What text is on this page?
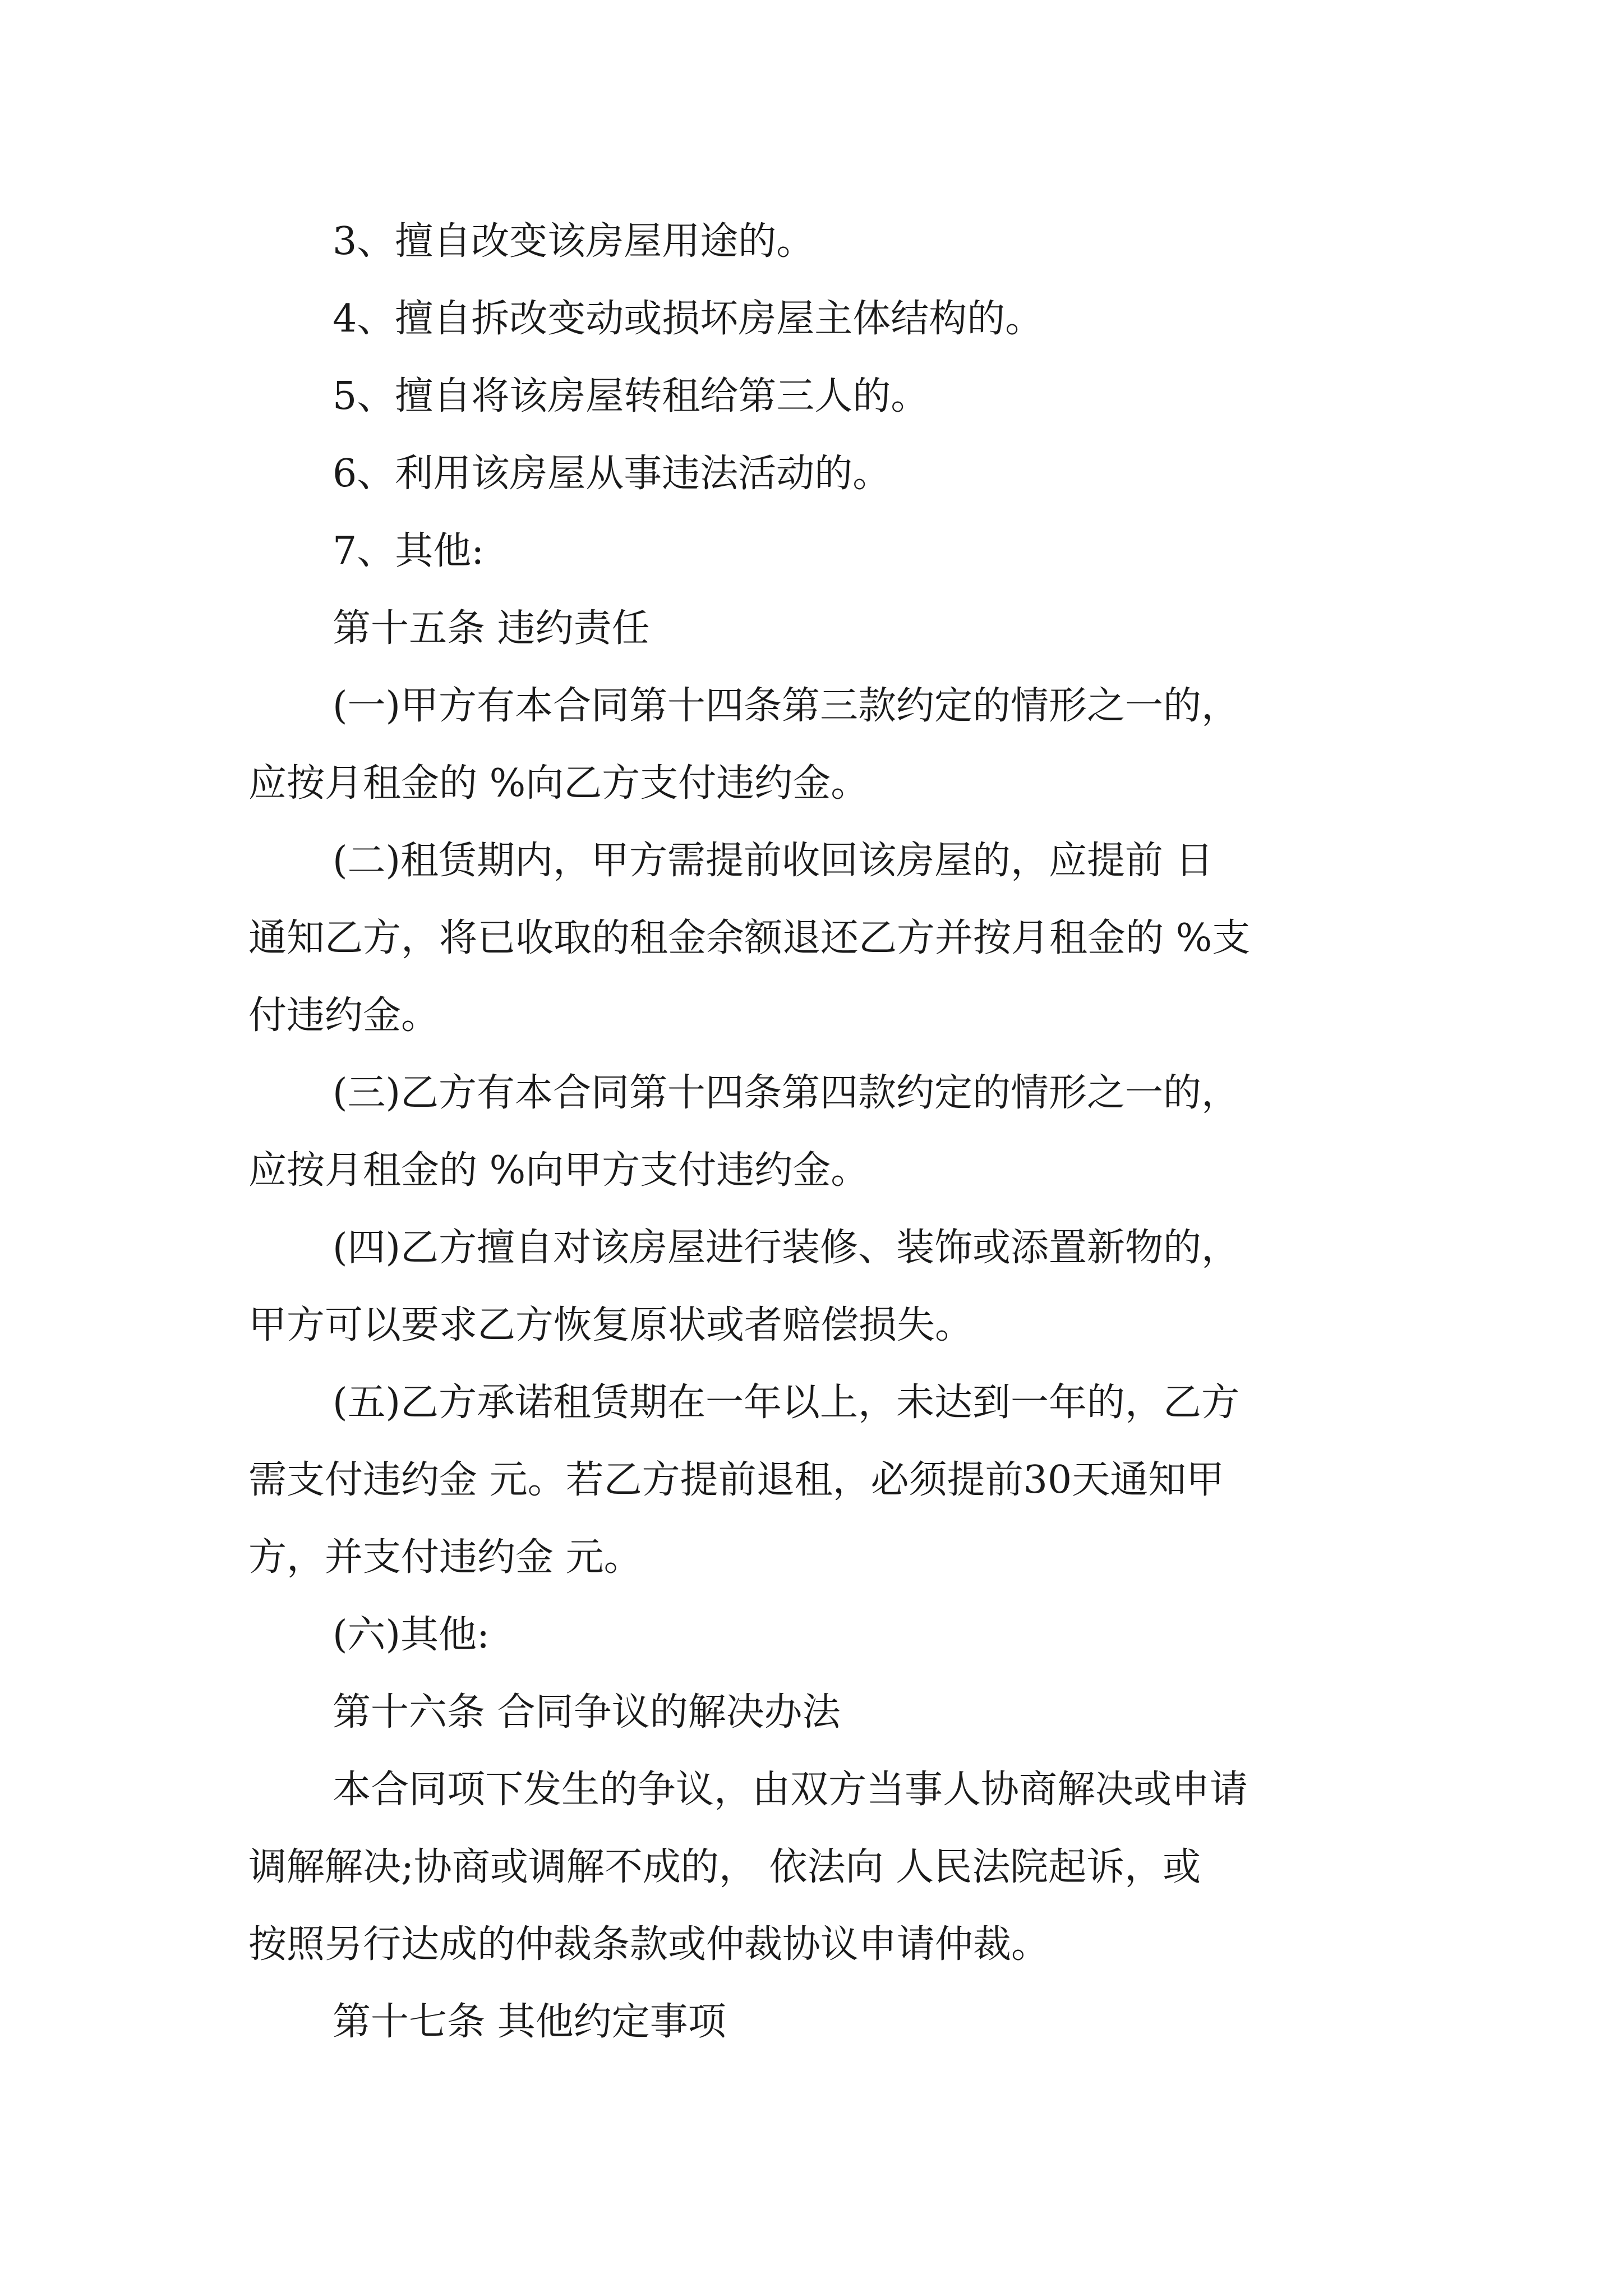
3、擅自改变该房屋用途的。

4、擅自拆改变动或损坏房屋主体结构的。

5、擅自将该房屋转租给第三人的。

6、利用该房屋从事违法活动的。

7、其他:

第十五条 违约责任

(一)甲方有本合同第十四条第三款约定的情形之一的，

应按月租金的 %向乙方支付违约金。

(二)租赁期内，甲方需提前收回该房屋的，应提前 日

通知乙方，将已收取的租金余额退还乙方并按月租金的 %支

付违约金。

(三)乙方有本合同第十四条第四款约定的情形之一的，

应按月租金的 %向甲方支付违约金。

(四)乙方擅自对该房屋进行装修、装饰或添置新物的，

甲方可以要求乙方恢复原状或者赔偿损失。

(五)乙方承诺租赁期在一年以上，未达到一年的，乙方

需支付违约金 元。若乙方提前退租，必须提前30天通知甲

方，并支付违约金 元。

(六)其他:

第十六条 合同争议的解决办法

本合同项下发生的争议，由双方当事人协商解决或申请

调解解决;协商或调解不成的， 依法向 人民法院起诉，或

按照另行达成的仲裁条款或仲裁协议申请仲裁。

第十七条 其他约定事项
